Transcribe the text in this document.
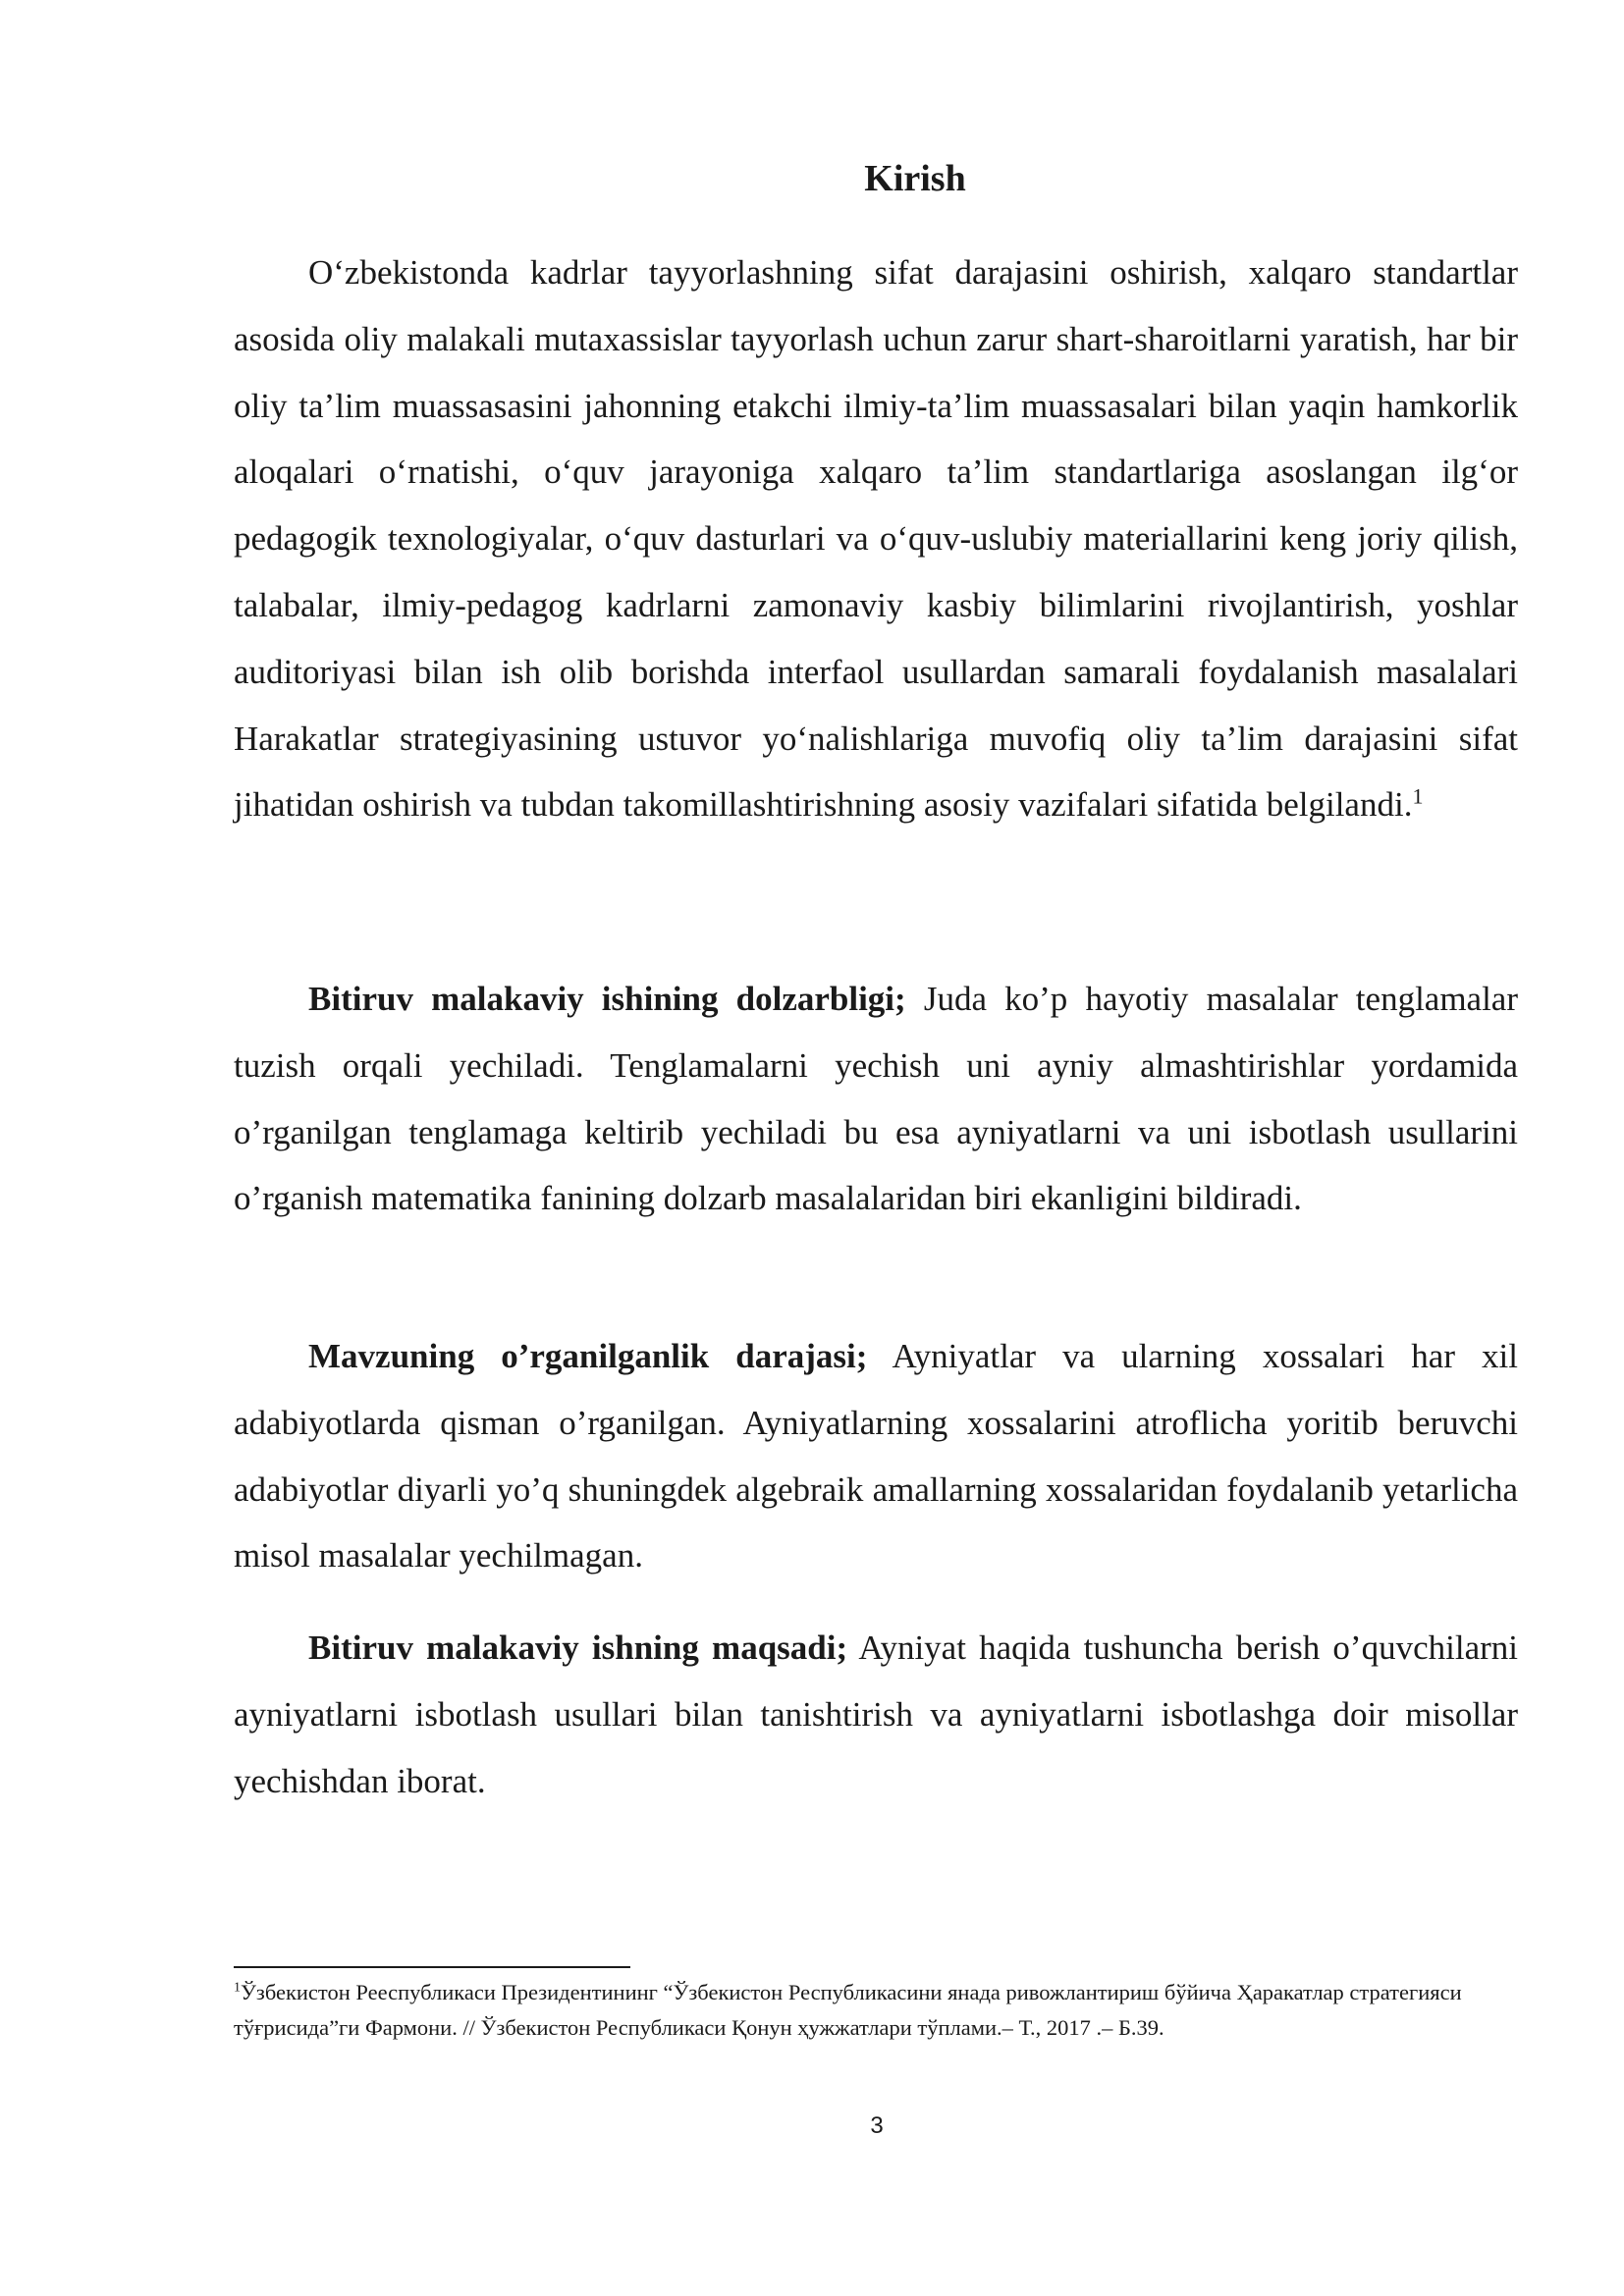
Kirish

O‘zbekistonda kadrlar tayyorlashning sifat darajasini oshirish, xalqaro standartlar asosida oliy malakali mutaxassislar tayyorlash uchun zarur shart-sharoitlarni yaratish, har bir oliy ta’lim muassasasini jahonning etakchi ilmiy-ta’lim muassasalari bilan yaqin hamkorlik aloqalari o‘rnatishi, o‘quv jarayoniga xalqaro ta’lim standartlariga asoslangan ilg‘or pedagogik texnologiyalar, o‘quv dasturlari va o‘quv-uslubiy materiallarini keng joriy qilish, talabalar, ilmiy-pedagog kadrlarni zamonaviy kasbiy bilimlarini rivojlantirish, yoshlar auditoriyasi bilan ish olib borishda interfaol usullardan samarali foydalanish masalalari Harakatlar strategiyasining ustuvor yo‘nalishlariga muvofiq oliy ta’lim darajasini sifat jihatidan oshirish va tubdan takomillashtirishning asosiy vazifalari sifatida belgilandi.$^1$

Bitiruv malakaviy ishining dolzarbligi; Juda ko’p hayotiy masalalar tenglamalar tuzish orqali yechiladi. Tenglamalarni yechish uni ayniy almashtirishlar yordamida o’rganilgan tenglamaga keltirib yechiladi bu esa ayniyatlarni va uni isbotlash usullarini o’rganish matematika fanining dolzarb masalalaridan biri ekanligini bildiradi.

Mavzuning o’rganilganlik darajasi; Ayniyatlar va ularning xossalari har xil adabiyotlarda qisman o’rganilgan. Ayniyatlarning xossalarini atroflicha yoritib beruvchi adabiyotlar diyarli yo’q shuningdek algebraik amallarning xossalaridan foydalanib yetarlicha misol masalalar yechilmagan.

Bitiruv malakaviy ishning maqsadi; Ayniyat haqida tushuncha berish o’quvchilarni ayniyatlarni isbotlash usullari bilan tanishtirish va ayniyatlarni isbotlashga doir misollar yechishdan iborat.

$^1$Ўзбекистон Рееспубликаси Президентининг “Ўзбекистон Республикасини янада ривожлантириш бўйича Ҳаракатлар стратегияси тўғрисида”ги Фармони. // Ўзбекистон Республикаси Қонун ҳужжатлари тўплами.– Т., 2017 .– Б.39.
3
